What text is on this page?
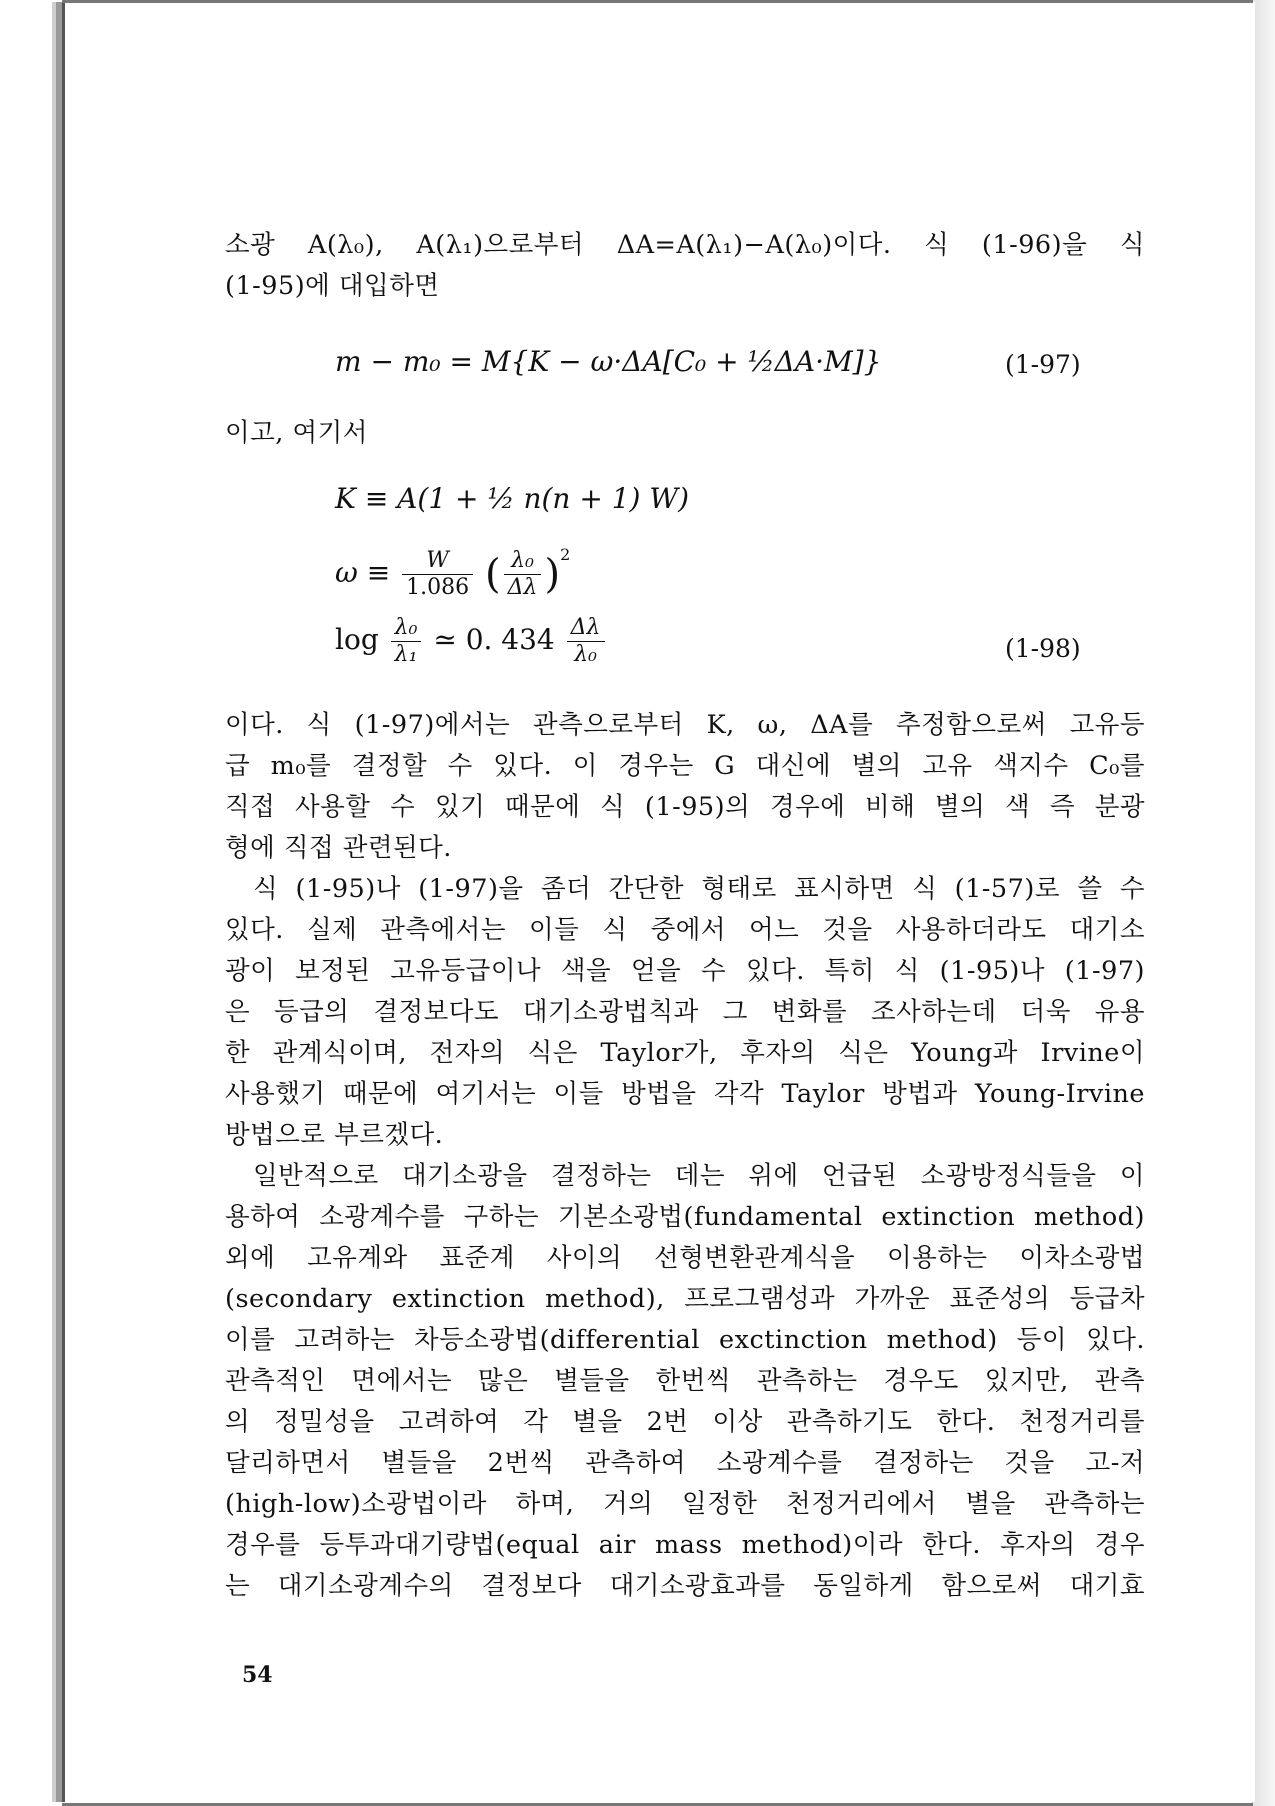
소광 A(λ₀), A(λ₁)으로부터 ΔA=A(λ₁)−A(λ₀)이다. 식 (1-96)을 식
(1-95)에 대입하면
이고, 여기서
이다. 식 (1-97)에서는 관측으로부터 K, ω, ΔA를 추정함으로써 고유등
급 m₀를 결정할 수 있다. 이 경우는 G 대신에 별의 고유 색지수 C₀를
직접 사용할 수 있기 때문에 식 (1-95)의 경우에 비해 별의 색 즉 분광
형에 직접 관련된다.
식 (1-95)나 (1-97)을 좀더 간단한 형태로 표시하면 식 (1-57)로 쓸 수
있다. 실제 관측에서는 이들 식 중에서 어느 것을 사용하더라도 대기소
광이 보정된 고유등급이나 색을 얻을 수 있다. 특히 식 (1-95)나 (1-97)
은 등급의 결정보다도 대기소광법칙과 그 변화를 조사하는데 더욱 유용
한 관계식이며, 전자의 식은 Taylor가, 후자의 식은 Young과 Irvine이
사용했기 때문에 여기서는 이들 방법을 각각 Taylor 방법과 Young-Irvine
방법으로 부르겠다.
일반적으로 대기소광을 결정하는 데는 위에 언급된 소광방정식들을 이
용하여 소광계수를 구하는 기본소광법(fundamental extinction method)
외에 고유계와 표준계 사이의 선형변환관계식을 이용하는 이차소광법
(secondary extinction method), 프로그램성과 가까운 표준성의 등급차
이를 고려하는 차등소광법(differential exctinction method) 등이 있다.
관측적인 면에서는 많은 별들을 한번씩 관측하는 경우도 있지만, 관측
의 정밀성을 고려하여 각 별을 2번 이상 관측하기도 한다. 천정거리를
달리하면서 별들을 2번씩 관측하여 소광계수를 결정하는 것을 고-저
(high-low)소광법이라 하며, 거의 일정한 천정거리에서 별을 관측하는
경우를 등투과대기량법(equal air mass method)이라 한다. 후자의 경우
는 대기소광계수의 결정보다 대기소광효과를 동일하게 함으로써 대기효
m − m₀ = M{K − ω·ΔA[C₀ + ½ΔA·M]}	(1-97)
K ≡ A(1 + ½ n(n + 1) W)
$\omega \equiv \frac{W}{1.086}$ ( $\frac{\text{λ₀}}{\Delta\lambda} )^2$
$\log \frac{\text{λ₀}}{\text{λ₁}}$ ≃ 0. $434 \frac{\Delta\lambda}{\text{λ₀}}$	(1-98)
54
